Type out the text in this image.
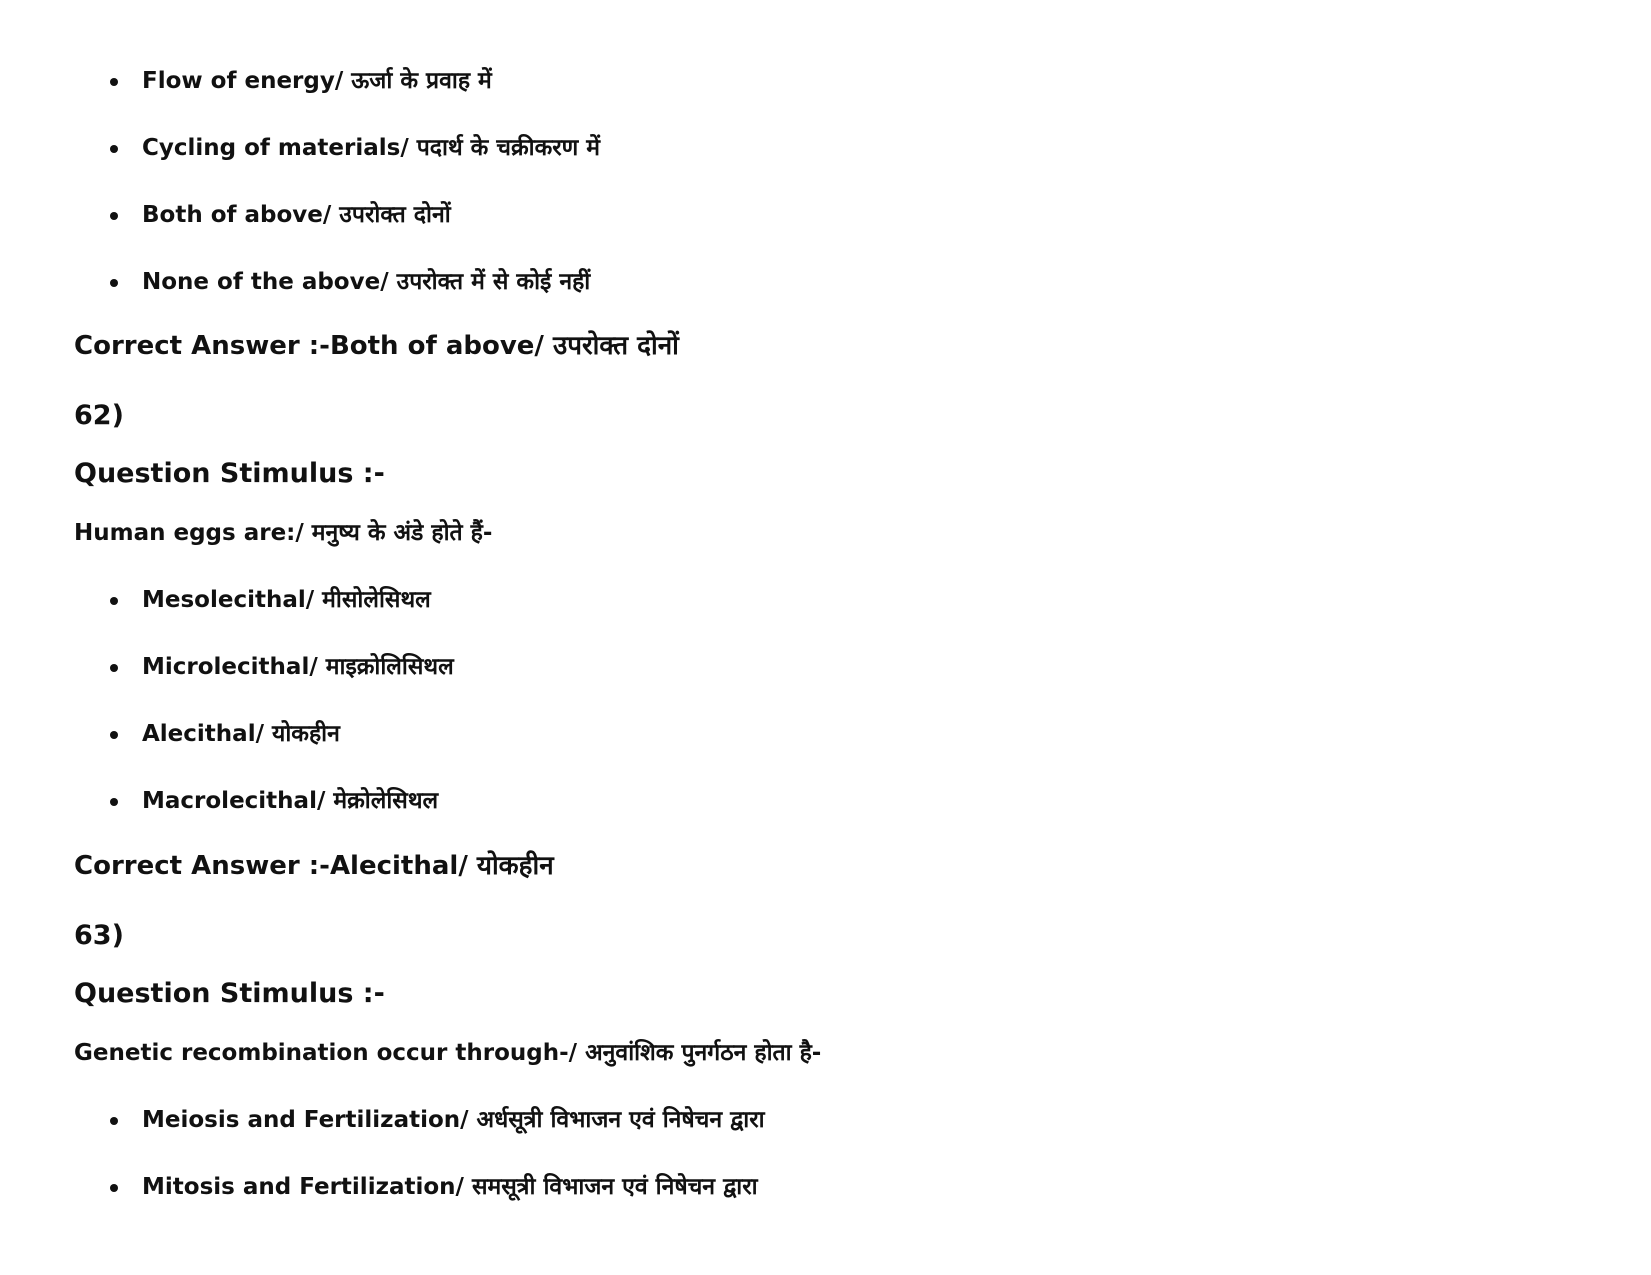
Flow of energy/ ऊर्जा के प्रवाह में
Cycling of materials/ पदार्थ के चक्रीकरण में
Both of above/ उपरोक्त दोनों
None of the above/ उपरोक्त में से कोई नहीं
Correct Answer :-Both of above/ उपरोक्त दोनों
62)
Question Stimulus :-
Human eggs are:/ मनुष्य के अंडे होते हैं-
Mesolecithal/ मीसोलेसिथल
Microlecithal/ माइक्रोलिसिथल
Alecithal/ योकहीन
Macrolecithal/ मेक्रोलेसिथल
Correct Answer :-Alecithal/ योकहीन
63)
Question Stimulus :-
Genetic recombination occur through-/ अनुवांशिक पुनर्गठन होता है-
Meiosis and Fertilization/ अर्धसूत्री विभाजन एवं निषेचन द्वारा
Mitosis and Fertilization/ समसूत्री विभाजन एवं निषेचन द्वारा
